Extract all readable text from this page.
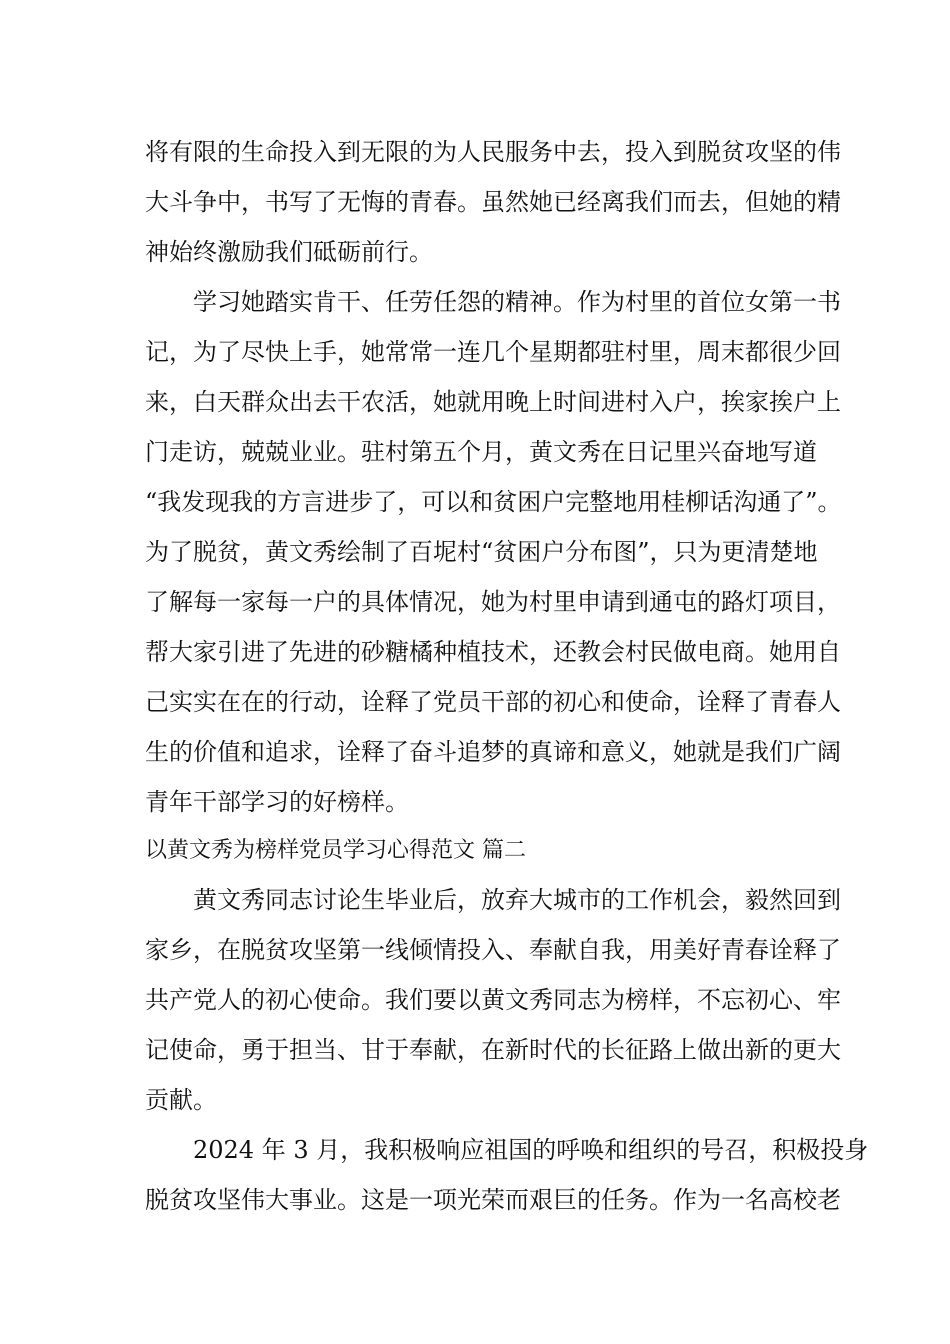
将有限的生命投入到无限的为人民服务中去，投入到脱贫攻坚的伟
大斗争中，书写了无悔的青春。虽然她已经离我们而去，但她的精
神始终激励我们砥砺前行。
学习她踏实肯干、任劳任怨的精神。作为村里的首位女第一书
记，为了尽快上手，她常常一连几个星期都驻村里，周末都很少回
来，白天群众出去干农活，她就用晚上时间进村入户，挨家挨户上
门走访，兢兢业业。驻村第五个月，黄文秀在日记里兴奋地写道
“我发现我的方言进步了，可以和贫困户完整地用桂柳话沟通了”。
为了脱贫，黄文秀绘制了百坭村“贫困户分布图”，只为更清楚地
了解每一家每一户的具体情况，她为村里申请到通屯的路灯项目，
帮大家引进了先进的砂糖橘种植技术，还教会村民做电商。她用自
己实实在在的行动，诠释了党员干部的初心和使命，诠释了青春人
生的价值和追求，诠释了奋斗追梦的真谛和意义，她就是我们广阔
青年干部学习的好榜样。
以黄文秀为榜样党员学习心得范文 篇二
黄文秀同志讨论生毕业后，放弃大城市的工作机会，毅然回到
家乡，在脱贫攻坚第一线倾情投入、奉献自我，用美好青春诠释了
共产党人的初心使命。我们要以黄文秀同志为榜样，不忘初心、牢
记使命，勇于担当、甘于奉献，在新时代的长征路上做出新的更大
贡献。
2024 年 3 月，我积极响应祖国的呼唤和组织的号召，积极投身
脱贫攻坚伟大事业。这是一项光荣而艰巨的任务。作为一名高校老
